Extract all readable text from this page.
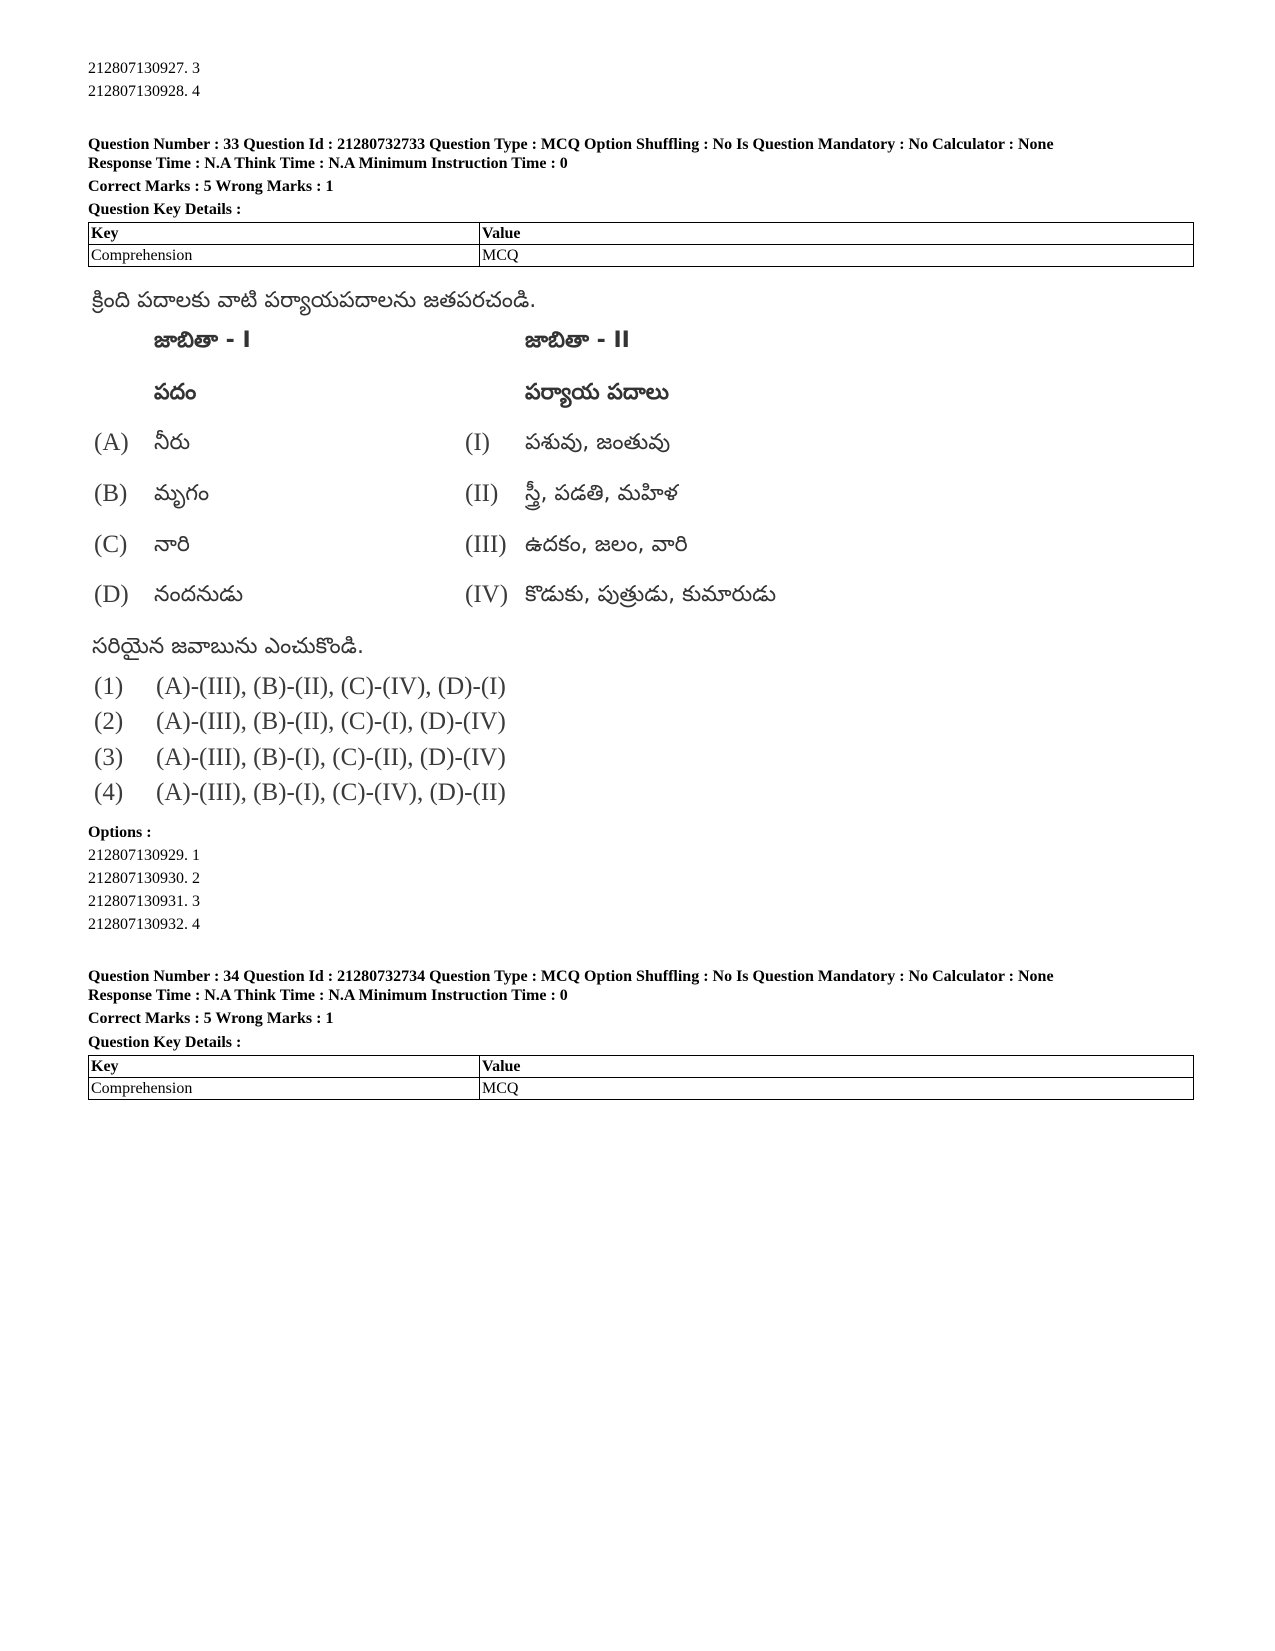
212807130927. 3
212807130928. 4
Question Number : 33 Question Id : 21280732733 Question Type : MCQ Option Shuffling : No Is Question Mandatory : No Calculator : None
Response Time : N.A Think Time : N.A Minimum Instruction Time : 0
Correct Marks : 5 Wrong Marks : 1
Question Key Details :
Key	Value
Comprehension	MCQ
క్రింది పదాలకు వాటి పర్యాయపదాలను జతపరచండి.
జాబితా - I	జాబితా - II
పదం	పర్యాయ పదాలు
(A) నీరు	(I) పశువు, జంతువు
(B) మృగం	(II) స్త్రీ, పడతి, మహిళ
(C) నారి	(III) ఉదకం, జలం, వారి
(D) నందనుడు	(IV) కొడుకు, పుత్రుడు, కుమారుడు
సరియైన జవాబును ఎంచుకొండి.
(1) (A)-(III), (B)-(II), (C)-(IV), (D)-(I)
(2) (A)-(III), (B)-(II), (C)-(I), (D)-(IV)
(3) (A)-(III), (B)-(I), (C)-(II), (D)-(IV)
(4) (A)-(III), (B)-(I), (C)-(IV), (D)-(II)
Options :
212807130929. 1
212807130930. 2
212807130931. 3
212807130932. 4
Question Number : 34 Question Id : 21280732734 Question Type : MCQ Option Shuffling : No Is Question Mandatory : No Calculator : None
Response Time : N.A Think Time : N.A Minimum Instruction Time : 0
Correct Marks : 5 Wrong Marks : 1
Question Key Details :
Key	Value
Comprehension	MCQ
